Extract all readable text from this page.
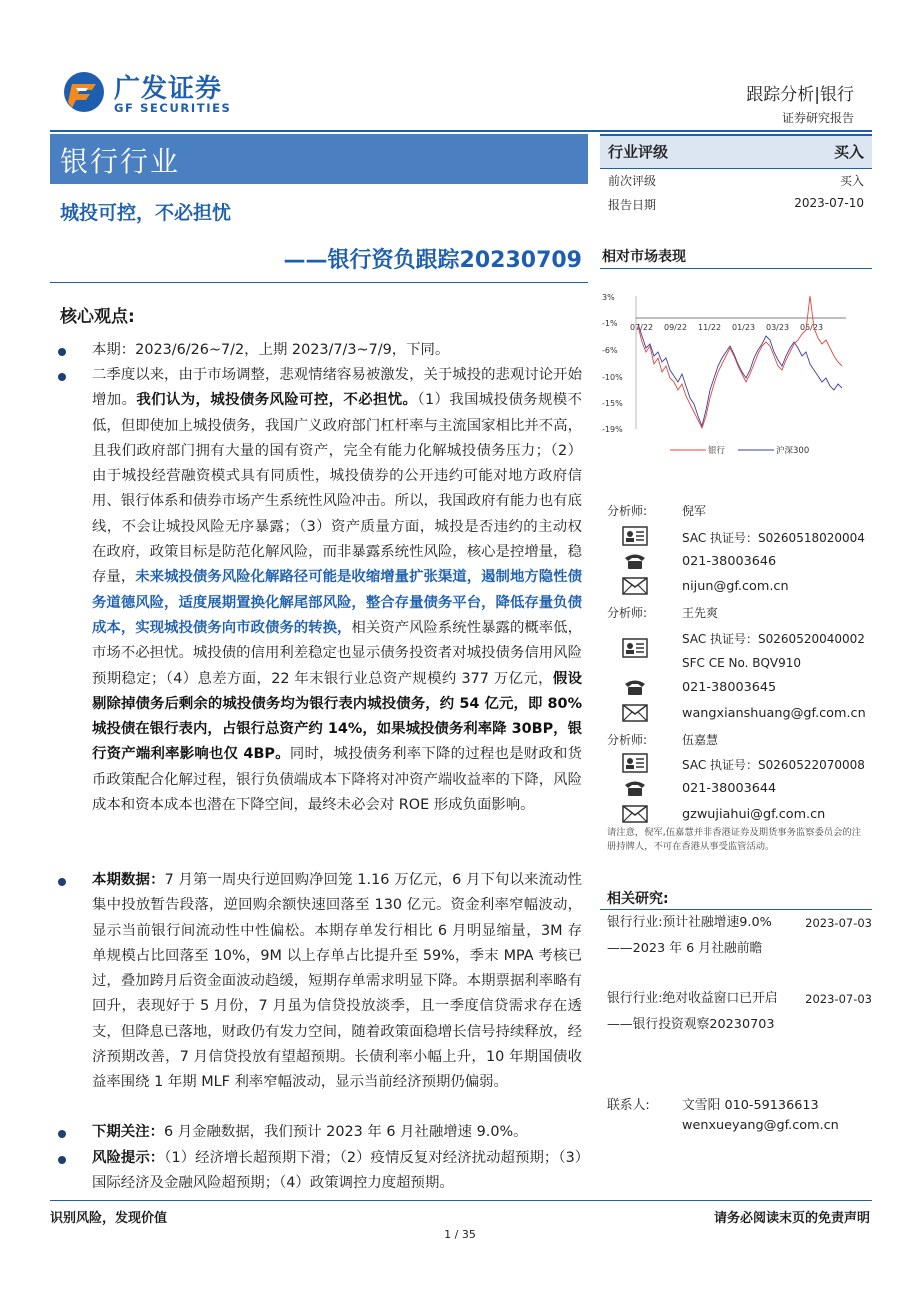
广发证券
GF SECURITIES
跟踪分析|银行
证券研究报告
银行行业
城投可控，不必担忧
——银行资负跟踪20230709
核心观点:

本期：2023/6/26~7/2，上期 2023/7/3~7/9，下同。

二季度以来，由于市场调整，悲观情绪容易被激发，关于城投的悲观讨论开始增加。我们认为，城投债务风险可控，不必担忧。（1）我国城投债务规模不低，但即使加上城投债务，我国广义政府部门杠杆率与主流国家相比并不高，且我们政府部门拥有大量的国有资产，完全有能力化解城投债务压力；（2）由于城投经营融资模式具有同质性，城投债券的公开违约可能对地方政府信用、银行体系和债券市场产生系统性风险冲击。所以，我国政府有能力也有底线，不会让城投风险无序暴露；（3）资产质量方面，城投是否违约的主动权在政府，政策目标是防范化解风险，而非暴露系统性风险，核心是控增量，稳存量，未来城投债务风险化解路径可能是收缩增量扩张渠道，遏制地方隐性债务道德风险，适度展期置换化解尾部风险，整合存量债务平台，降低存量负债成本，实现城投债务向市政债务的转换，相关资产风险系统性暴露的概率低，市场不必担忧。城投债的信用利差稳定也显示债务投资者对城投债务信用风险预期稳定；（4）息差方面，22 年末银行业总资产规模约 377 万亿元，假设剔除掉债务后剩余的城投债务均为银行表内城投债务，约 54 亿元，即 80%城投债在银行表内，占银行总资产约 14%，如果城投债务利率降 30BP，银行资产端利率影响也仅 4BP。同时，城投债务利率下降的过程也是财政和货币政策配合化解过程，银行负债端成本下降将对冲资产端收益率的下降，风险成本和资本成本也潜在下降空间，最终未必会对 ROE 形成负面影响。

本期数据：7 月第一周央行逆回购净回笼 1.16 万亿元，6 月下旬以来流动性集中投放暂告段落，逆回购余额快速回落至 130 亿元。资金利率窄幅波动，显示当前银行间流动性中性偏松。本期存单发行相比 6 月明显缩量，3M 存单规模占比回落至 10%，9M 以上存单占比提升至 59%，季末 MPA 考核已过，叠加跨月后资金面波动趋缓，短期存单需求明显下降。本期票据利率略有回升，表现好于 5 月份，7 月虽为信贷投放淡季，且一季度信贷需求存在透支，但降息已落地，财政仍有发力空间，随着政策面稳增长信号持续释放，经济预期改善，7 月信贷投放有望超预期。长债利率小幅上升，10 年期国债收益率围绕 1 年期 MLF 利率窄幅波动，显示当前经济预期仍偏弱。

下期关注：6 月金融数据，我们预计 2023 年 6 月社融增速 9.0%。

风险提示：（1）经济增长超预期下滑；（2）疫情反复对经济扰动超预期；（3）国际经济及金融风险超预期；（4）政策调控力度超预期。

行业评级	买入
前次评级	买入
报告日期	2023-07-10
相对市场表现
3%
-1%
-6%
-10%
-15%
-19%
07/22 09/22 11/22 01/23 03/23 05/23
银行	沪深300
分析师:	倪军
SAC 执证号：S0260518020004
021-38003646
nijun@gf.com.cn
分析师:	王先爽
SAC 执证号：S0260520040002
SFC CE No. BQV910
021-38003645
wangxianshuang@gf.com.cn
分析师:	伍嘉慧
SAC 执证号：S0260522070008
021-38003644
gzwujiahui@gf.com.cn
请注意，倪军,伍嘉慧并非香港证券及期货事务监察委员会的注册持牌人，不可在香港从事受监管活动。
相关研究:
银行行业:预计社融增速9.0%——2023 年 6 月社融前瞻
2023-07-03
银行行业:绝对收益窗口已开启——银行投资观察20230703
2023-07-03
联系人:	文雪阳 010-59136613
wenxueyang@gf.com.cn
识别风险，发现价值	请务必阅读末页的免责声明
1 / 35
